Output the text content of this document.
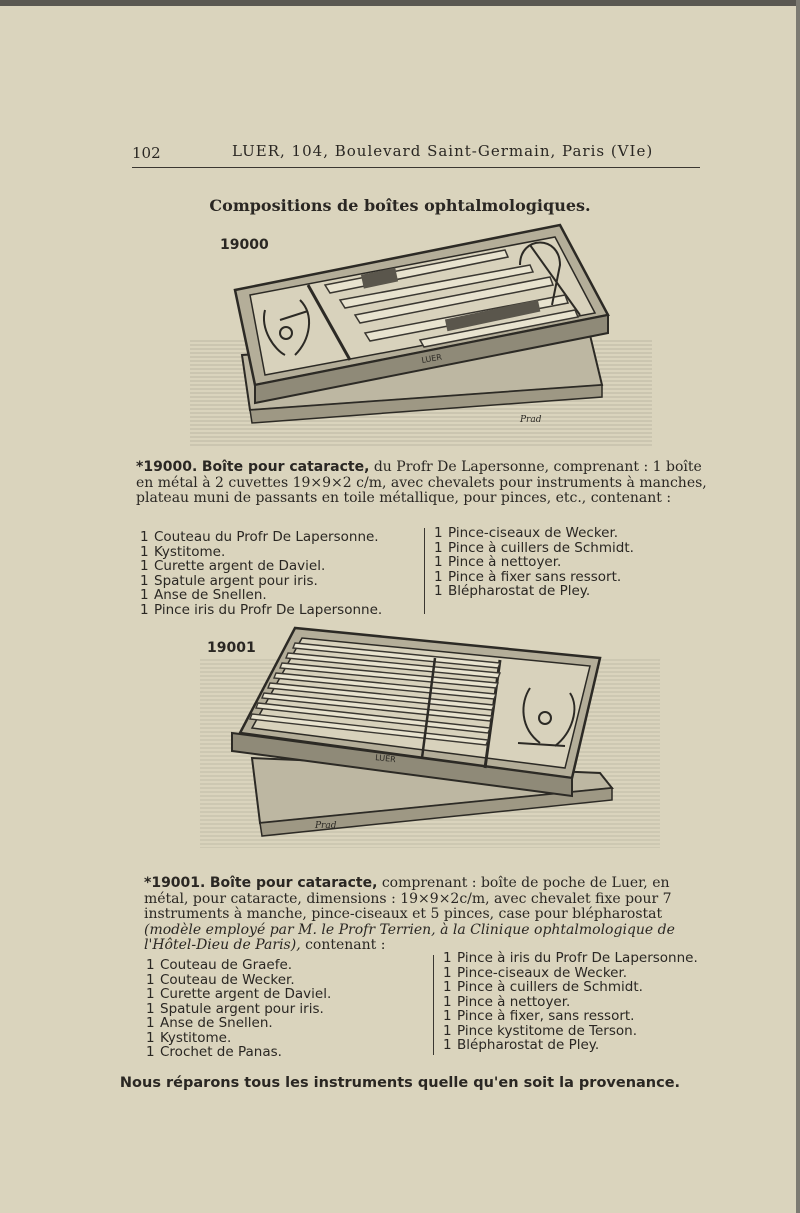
102	LUER, 104, Boulevard Saint-Germain, Paris (VIe)
Compositions de boîtes ophtalmologiques.
19000
LUER
Prad
*19000. Boîte pour cataracte, du Profr De Lapersonne, comprenant : 1 boîte en métal à 2 cuvettes 19×9×2 c/m, avec chevalets pour instruments à manches, plateau muni de passants en toile métallique, pour pinces, etc., contenant :
1 Couteau du Profr De Lapersonne.
1 Kystitome.
1 Curette argent de Daviel.
1 Spatule argent pour iris.
1 Anse de Snellen.
1 Pince iris du Profr De Lapersonne.
1 Pince-ciseaux de Wecker.
1 Pince à cuillers de Schmidt.
1 Pince à nettoyer.
1 Pince à fixer sans ressort.
1 Blépharostat de Pley.
19001
LUER
Prad
*19001. Boîte pour cataracte, comprenant : boîte de poche de Luer, en métal, pour cataracte, dimensions : 19×9×2c/m, avec chevalet fixe pour 7 instruments à manche, pince-ciseaux et 5 pinces, case pour blépharostat (modèle employé par M. le Profr Terrien, à la Clinique ophtalmologique de l'Hôtel-Dieu de Paris), contenant :
1 Couteau de Graefe.
1 Couteau de Wecker.
1 Curette argent de Daviel.
1 Spatule argent pour iris.
1 Anse de Snellen.
1 Kystitome.
1 Crochet de Panas.
1 Pince à iris du Profr De Lapersonne.
1 Pince-ciseaux de Wecker.
1 Pince à cuillers de Schmidt.
1 Pince à nettoyer.
1 Pince à fixer, sans ressort.
1 Pince kystitome de Terson.
1 Blépharostat de Pley.
Nous réparons tous les instruments quelle qu'en soit la provenance.
